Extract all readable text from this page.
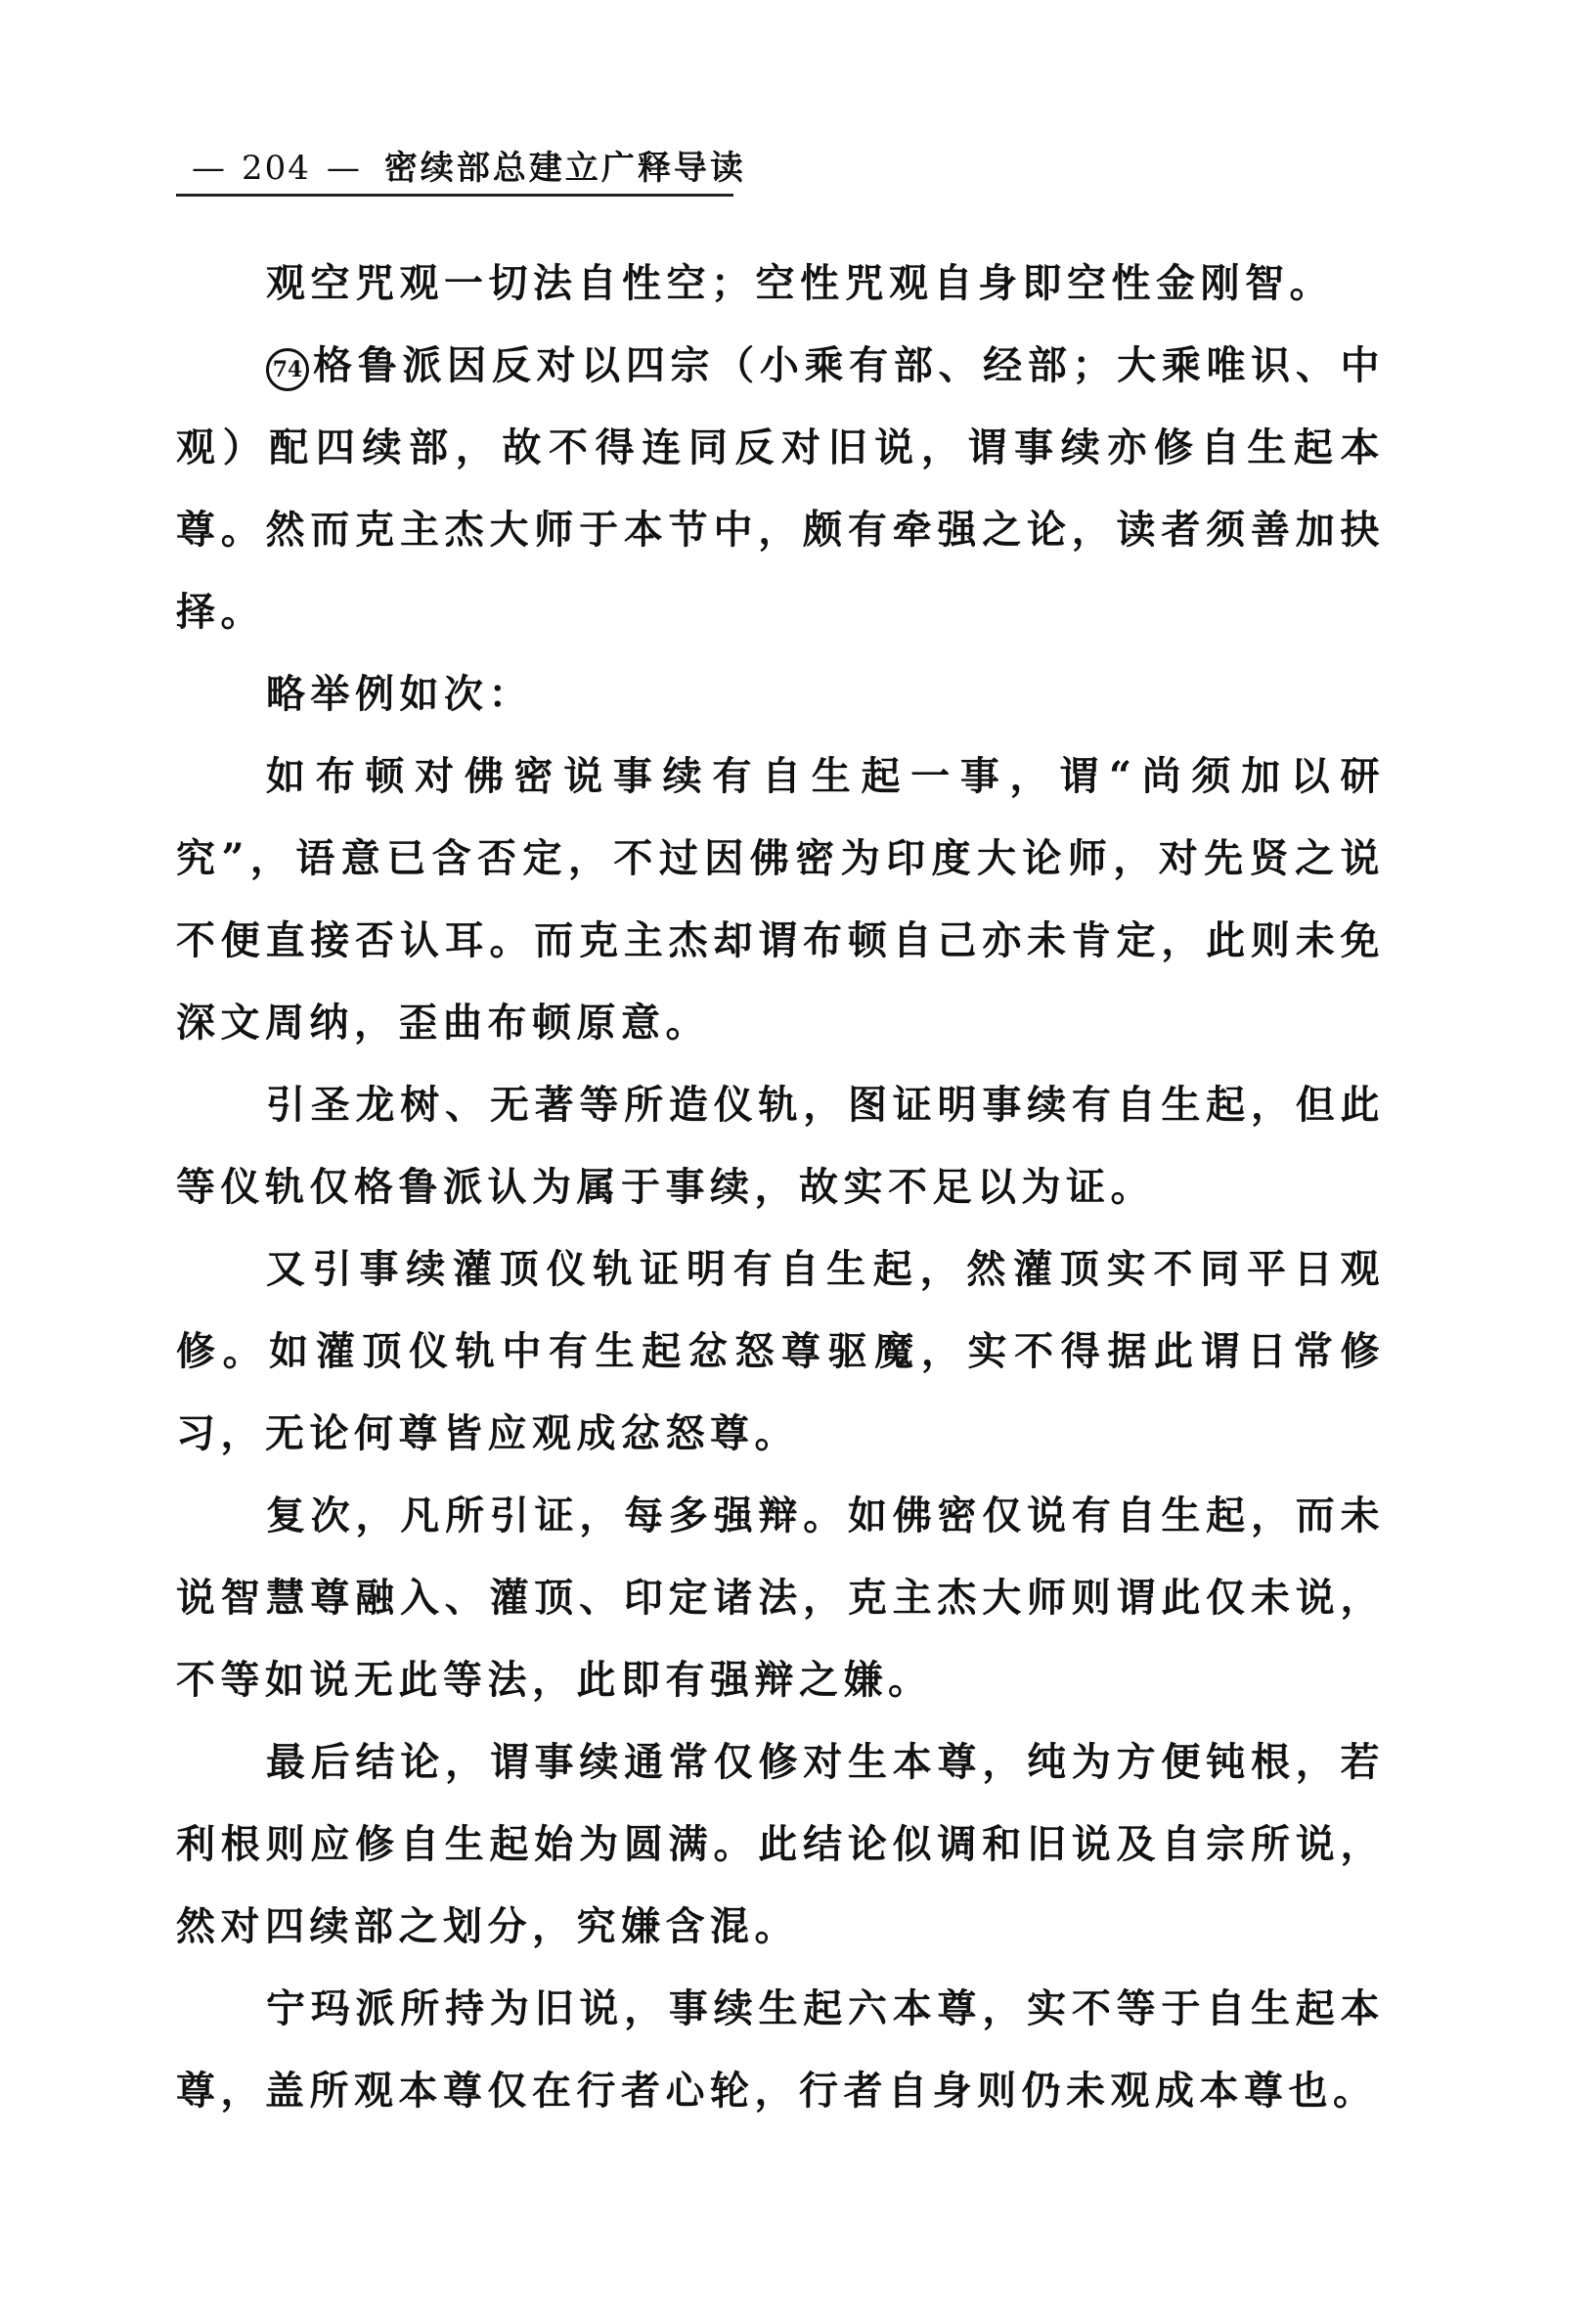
— 204 — 密续部总建立广释导读

观空咒观一切法自性空；空性咒观自身即空性金刚智。

74 格鲁派因反对以四宗（小乘有部、经部；大乘唯识、中观）配四续部，故不得连同反对旧说，谓事续亦修自生起本尊。然而克主杰大师于本节中，颇有牵强之论，读者须善加抉择。

略举例如次：

如布顿对佛密说事续有自生起一事，谓“尚须加以研究”，语意已含否定，不过因佛密为印度大论师，对先贤之说不便直接否认耳。而克主杰却谓布顿自己亦未肯定，此则未免深文周纳，歪曲布顿原意。

引圣龙树、无著等所造仪轨，图证明事续有自生起，但此等仪轨仅格鲁派认为属于事续，故实不足以为证。

又引事续灌顶仪轨证明有自生起，然灌顶实不同平日观修。如灌顶仪轨中有生起忿怒尊驱魔，实不得据此谓日常修习，无论何尊皆应观成忿怒尊。

复次，凡所引证，每多强辩。如佛密仅说有自生起，而未说智慧尊融入、灌顶、印定诸法，克主杰大师则谓此仅未说，不等如说无此等法，此即有强辩之嫌。

最后结论，谓事续通常仅修对生本尊，纯为方便钝根，若利根则应修自生起始为圆满。此结论似调和旧说及自宗所说，然对四续部之划分，究嫌含混。

宁玛派所持为旧说，事续生起六本尊，实不等于自生起本尊，盖所观本尊仅在行者心轮，行者自身则仍未观成本尊也。
